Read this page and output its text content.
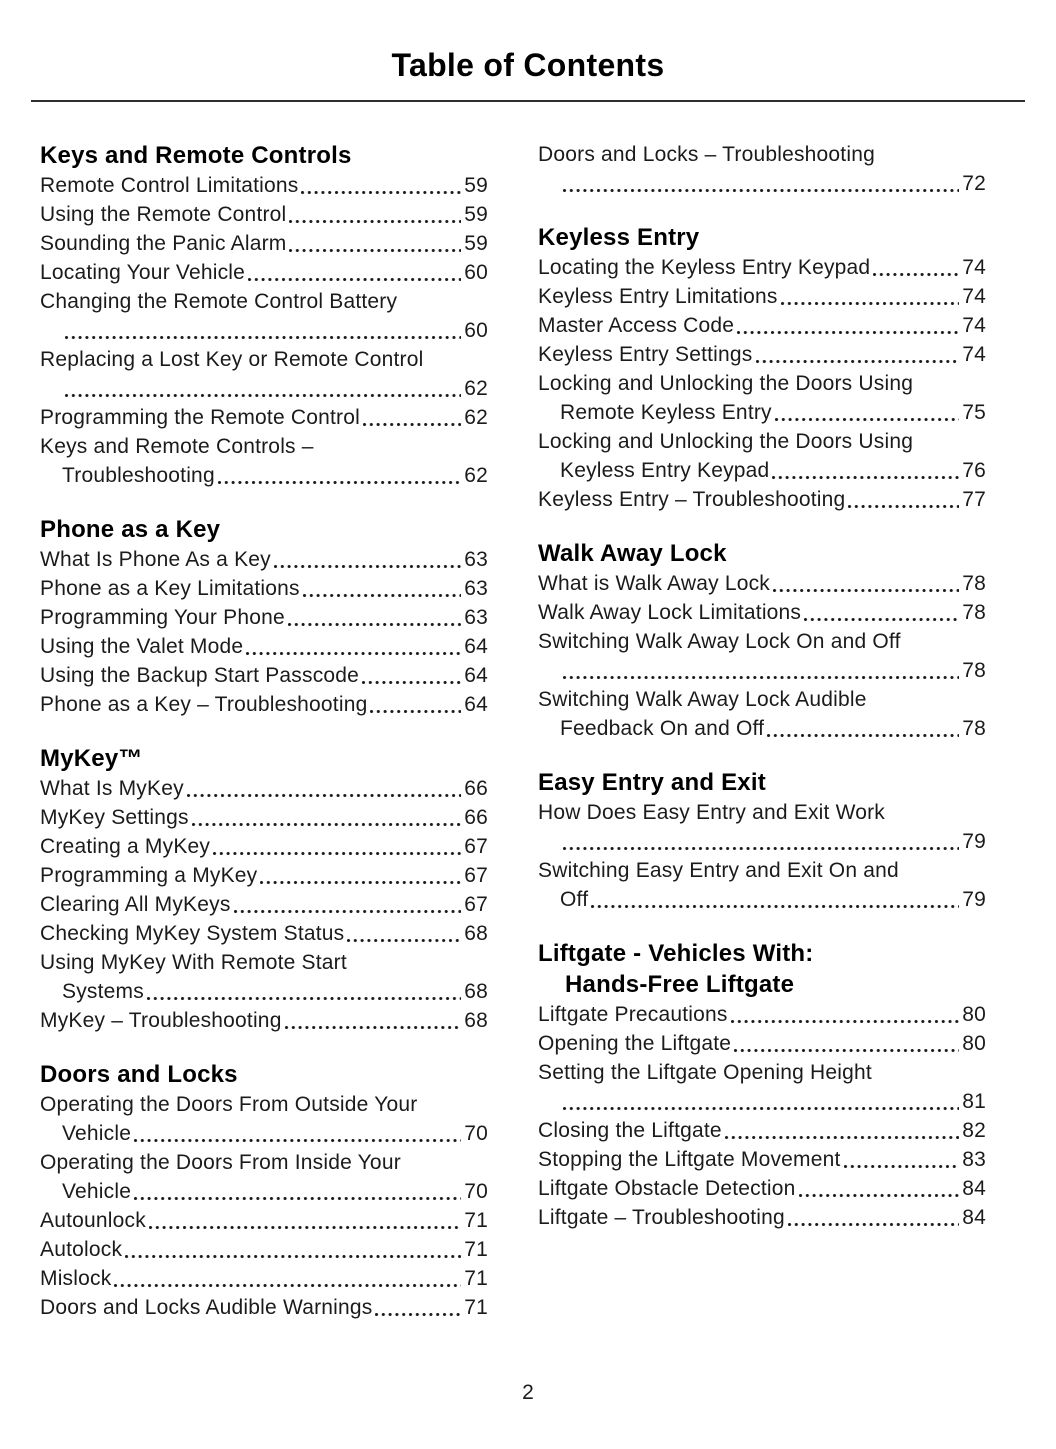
Table of Contents
Keys and Remote Controls
Remote Control Limitations	59
Using the Remote Control	59
Sounding the Panic Alarm	59
Locating Your Vehicle	60
Changing the Remote Control Battery
60
Replacing a Lost Key or Remote Control
62
Programming the Remote Control	62
Keys and Remote Controls –
Troubleshooting	62
Phone as a Key
What Is Phone As a Key	63
Phone as a Key Limitations	63
Programming Your Phone	63
Using the Valet Mode	64
Using the Backup Start Passcode	64
Phone as a Key – Troubleshooting	64
MyKey™
What Is MyKey	66
MyKey Settings	66
Creating a MyKey	67
Programming a MyKey	67
Clearing All MyKeys	67
Checking MyKey System Status	68
Using MyKey With Remote Start
Systems	68
MyKey – Troubleshooting	68
Doors and Locks
Operating the Doors From Outside Your
Vehicle	70
Operating the Doors From Inside Your
Vehicle	70
Autounlock	71
Autolock	71
Mislock	71
Doors and Locks Audible Warnings	71
Doors and Locks – Troubleshooting
72
Keyless Entry
Locating the Keyless Entry Keypad	74
Keyless Entry Limitations	74
Master Access Code	74
Keyless Entry Settings	74
Locking and Unlocking the Doors Using
Remote Keyless Entry	75
Locking and Unlocking the Doors Using
Keyless Entry Keypad	76
Keyless Entry – Troubleshooting	77
Walk Away Lock
What is Walk Away Lock	78
Walk Away Lock Limitations	78
Switching Walk Away Lock On and Off
78
Switching Walk Away Lock Audible
Feedback On and Off	78
Easy Entry and Exit
How Does Easy Entry and Exit Work
79
Switching Easy Entry and Exit On and
Off	79
Liftgate - Vehicles With:
Hands-Free Liftgate
Liftgate Precautions	80
Opening the Liftgate	80
Setting the Liftgate Opening Height
81
Closing the Liftgate	82
Stopping the Liftgate Movement	83
Liftgate Obstacle Detection	84
Liftgate – Troubleshooting	84
2
